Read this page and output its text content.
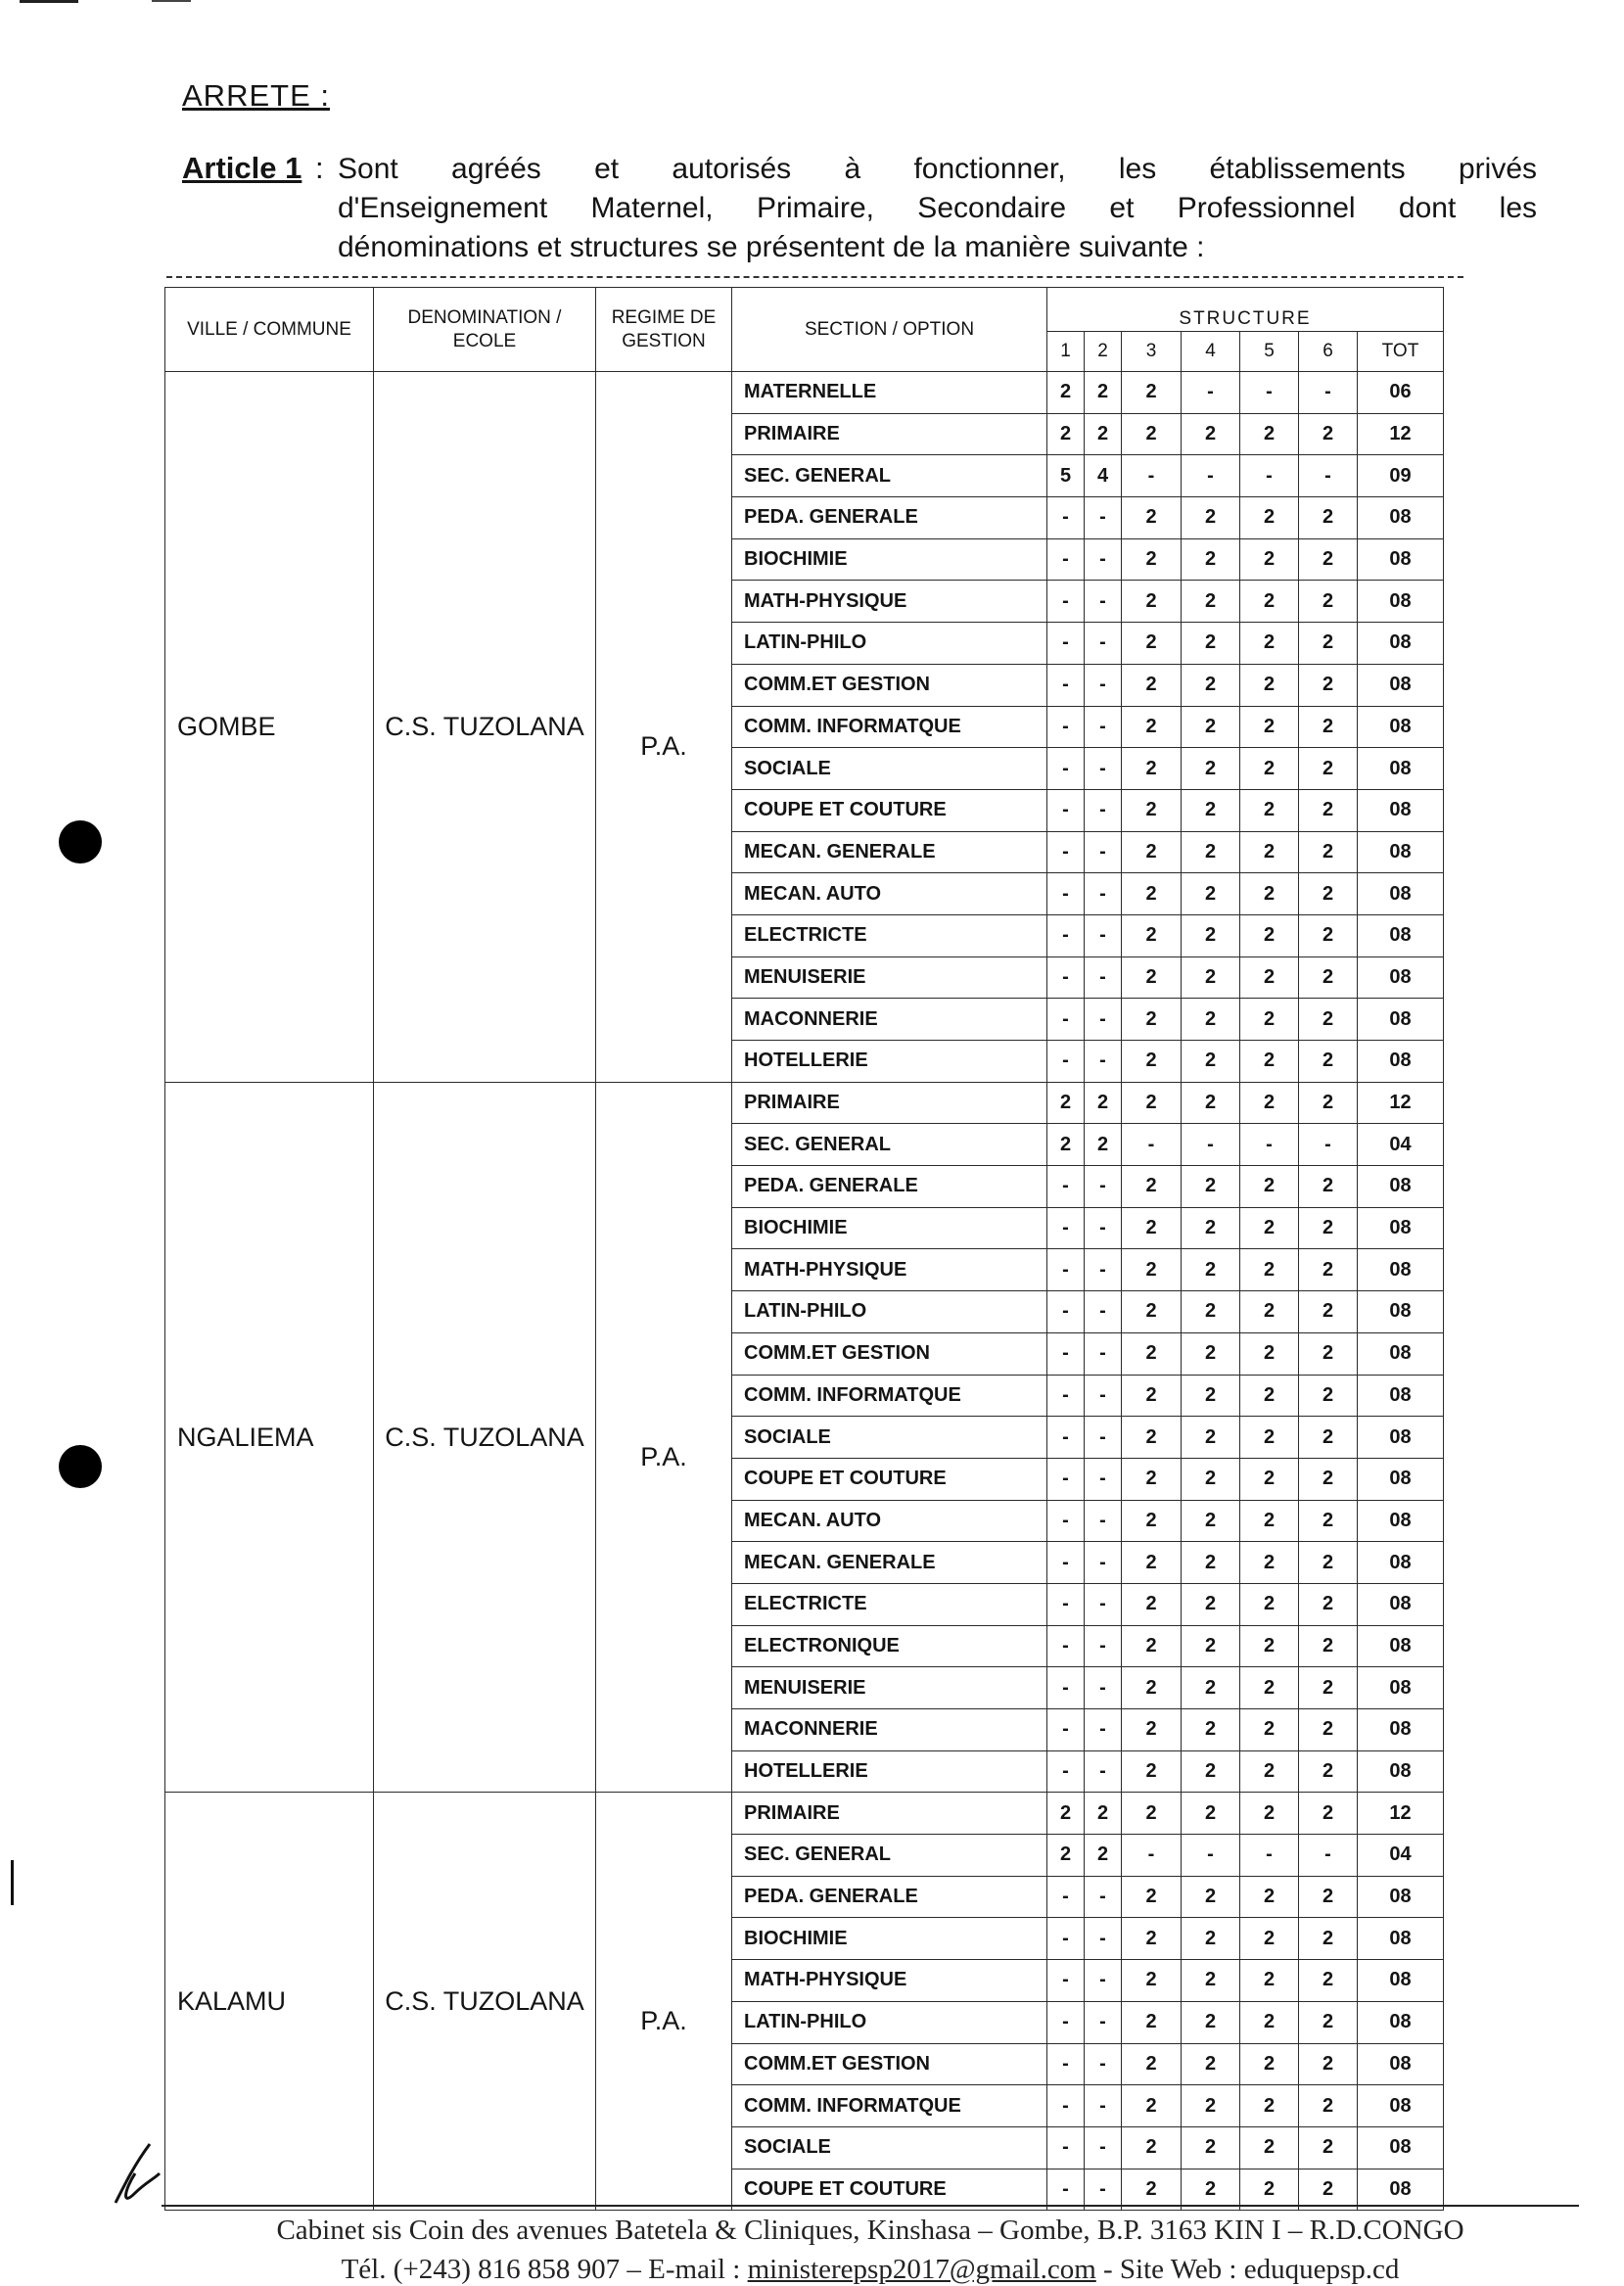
ARRETE :
Article 1 : Sont agréés et autorisés à fonctionner, les établissements privés
d'Enseignement Maternel, Primaire, Secondaire et Professionnel dont les
dénominations et structures se présentent de la manière suivante :
VILLE / COMMUNE	DENOMINATION / ECOLE	REGIME DE GESTION	SECTION / OPTION	STRUCTURE						
				1	2	3	4	5	6	TOT
GOMBE	C.S. TUZOLANA	P.A.	MATERNELLE	2	2	2	-	-	-	06
			PRIMAIRE	2	2	2	2	2	2	12
			SEC. GENERAL	5	4	-	-	-	-	09
			PEDA. GENERALE	-	-	2	2	2	2	08
			BIOCHIMIE	-	-	2	2	2	2	08
			MATH-PHYSIQUE	-	-	2	2	2	2	08
			LATIN-PHILO	-	-	2	2	2	2	08
			COMM.ET GESTION	-	-	2	2	2	2	08
			COMM. INFORMATQUE	-	-	2	2	2	2	08
			SOCIALE	-	-	2	2	2	2	08
			COUPE ET COUTURE	-	-	2	2	2	2	08
			MECAN. GENERALE	-	-	2	2	2	2	08
			MECAN. AUTO	-	-	2	2	2	2	08
			ELECTRICTE	-	-	2	2	2	2	08
			MENUISERIE	-	-	2	2	2	2	08
			MACONNERIE	-	-	2	2	2	2	08
			HOTELLERIE	-	-	2	2	2	2	08
NGALIEMA	C.S. TUZOLANA	P.A.	PRIMAIRE	2	2	2	2	2	2	12
			SEC. GENERAL	2	2	-	-	-	-	04
			PEDA. GENERALE	-	-	2	2	2	2	08
			BIOCHIMIE	-	-	2	2	2	2	08
			MATH-PHYSIQUE	-	-	2	2	2	2	08
			LATIN-PHILO	-	-	2	2	2	2	08
			COMM.ET GESTION	-	-	2	2	2	2	08
			COMM. INFORMATQUE	-	-	2	2	2	2	08
			SOCIALE	-	-	2	2	2	2	08
			COUPE ET COUTURE	-	-	2	2	2	2	08
			MECAN. AUTO	-	-	2	2	2	2	08
			MECAN. GENERALE	-	-	2	2	2	2	08
			ELECTRICTE	-	-	2	2	2	2	08
			ELECTRONIQUE	-	-	2	2	2	2	08
			MENUISERIE	-	-	2	2	2	2	08
			MACONNERIE	-	-	2	2	2	2	08
			HOTELLERIE	-	-	2	2	2	2	08
KALAMU	C.S. TUZOLANA	P.A.	PRIMAIRE	2	2	2	2	2	2	12
			SEC. GENERAL	2	2	-	-	-	-	04
			PEDA. GENERALE	-	-	2	2	2	2	08
			BIOCHIMIE	-	-	2	2	2	2	08
			MATH-PHYSIQUE	-	-	2	2	2	2	08
			LATIN-PHILO	-	-	2	2	2	2	08
			COMM.ET GESTION	-	-	2	2	2	2	08
			COMM. INFORMATQUE	-	-	2	2	2	2	08
			SOCIALE	-	-	2	2	2	2	08
			COUPE ET COUTURE	-	-	2	2	2	2	08
Cabinet sis Coin des avenues Batetela & Cliniques, Kinshasa – Gombe, B.P. 3163 KIN I – R.D.CONGO
Tél. (+243) 816 858 907 – E-mail : ministerepsp2017@gmail.com - Site Web : eduquepsp.cd
